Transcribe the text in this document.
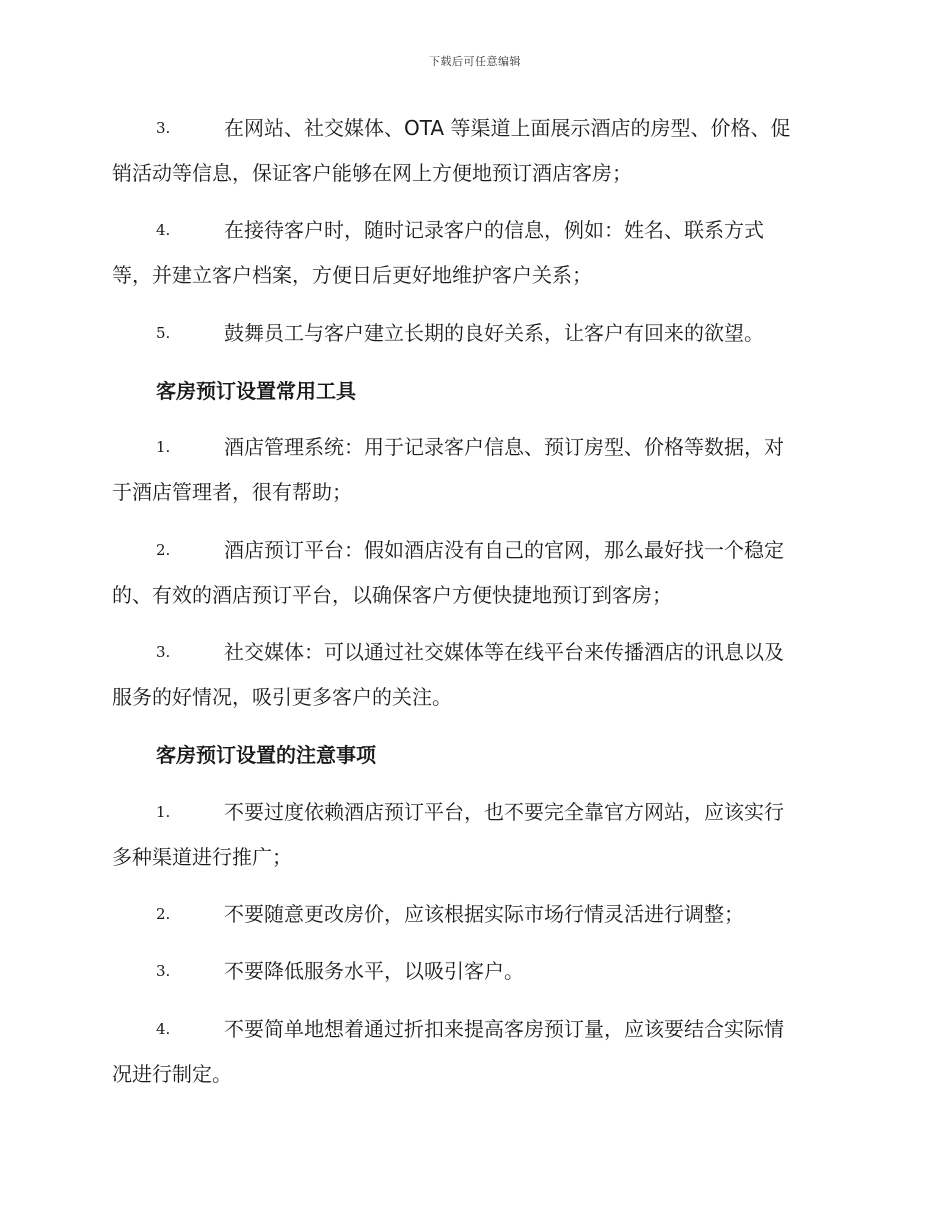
下载后可任意编辑
3.	在网站、社交媒体、OTA 等渠道上面展示酒店的房型、价格、促
销活动等信息，保证客户能够在网上方便地预订酒店客房；
4.	在接待客户时，随时记录客户的信息，例如：姓名、联系方式
等，并建立客户档案，方便日后更好地维护客户关系；
5.	鼓舞员工与客户建立长期的良好关系，让客户有回来的欲望。
客房预订设置常用工具
1.	酒店管理系统：用于记录客户信息、预订房型、价格等数据，对
于酒店管理者，很有帮助；
2.	酒店预订平台：假如酒店没有自己的官网，那么最好找一个稳定
的、有效的酒店预订平台，以确保客户方便快捷地预订到客房；
3.	社交媒体：可以通过社交媒体等在线平台来传播酒店的讯息以及
服务的好情况，吸引更多客户的关注。
客房预订设置的注意事项
1.	不要过度依赖酒店预订平台，也不要完全靠官方网站，应该实行
多种渠道进行推广；
2.	不要随意更改房价，应该根据实际市场行情灵活进行调整；
3.	不要降低服务水平，以吸引客户。
4.	不要简单地想着通过折扣来提高客房预订量，应该要结合实际情
况进行制定。
